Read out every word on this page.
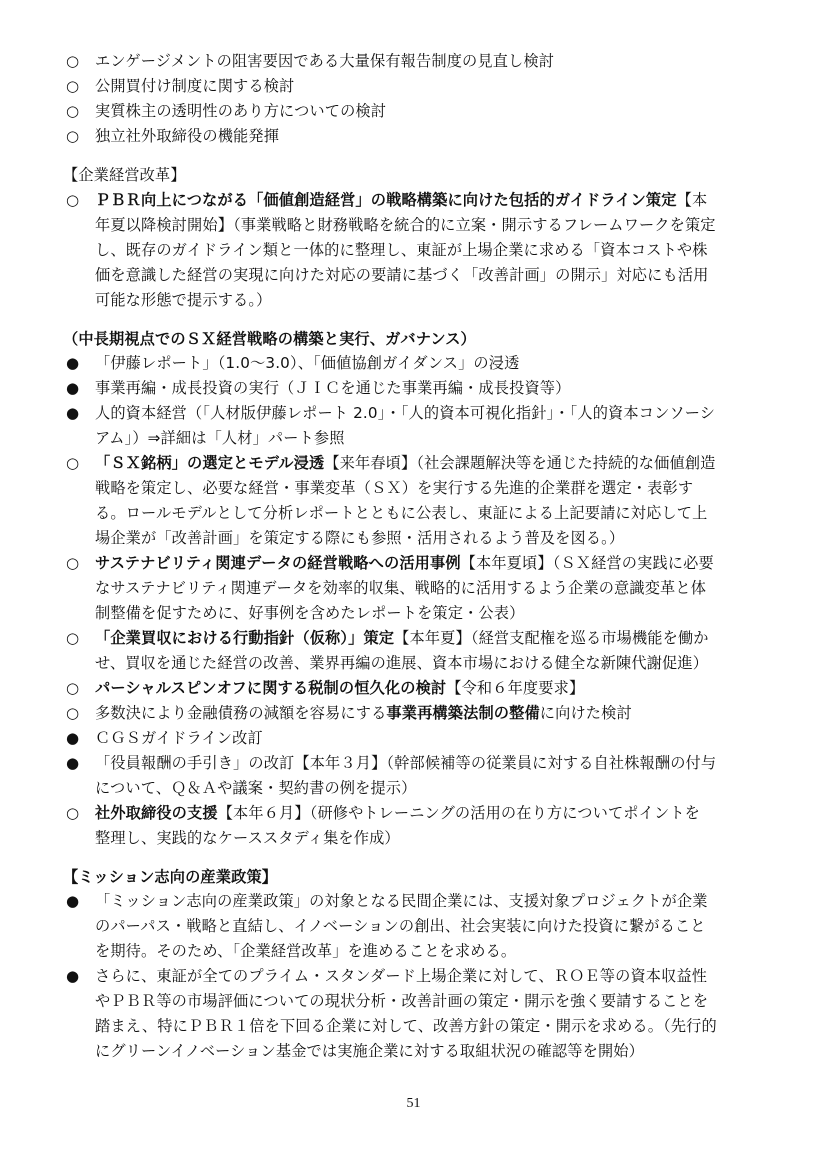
○ エンゲージメントの阻害要因である大量保有報告制度の見直し検討
○ 公開買付け制度に関する検討
○ 実質株主の透明性のあり方についての検討
○ 独立社外取締役の機能発揮
【企業経営改革】
○ ＰＢＲ向上につながる「価値創造経営」の戦略構築に向けた包括的ガイドライン策定【本
年夏以降検討開始】（事業戦略と財務戦略を統合的に立案・開示するフレームワークを策定
し、既存のガイドライン類と一体的に整理し、東証が上場企業に求める「資本コストや株
価を意識した経営の実現に向けた対応の要請に基づく「改善計画」の開示」対応にも活用
可能な形態で提示する。）
（中長期視点でのＳＸ経営戦略の構築と実行、ガバナンス）
● 「伊藤レポート」（1.0～3.0）、「価値協創ガイダンス」の浸透
● 事業再編・成長投資の実行（ＪＩＣを通じた事業再編・成長投資等）
● 人的資本経営（「人材版伊藤レポート 2.0」・「人的資本可視化指針」・「人的資本コンソーシ
アム」）⇒詳細は「人材」パート参照
○ 「ＳＸ銘柄」の選定とモデル浸透【来年春頃】（社会課題解決等を通じた持続的な価値創造
戦略を策定し、必要な経営・事業変革（ＳＸ）を実行する先進的企業群を選定・表彰す
る。ロールモデルとして分析レポートとともに公表し、東証による上記要請に対応して上
場企業が「改善計画」を策定する際にも参照・活用されるよう普及を図る。）
○ サステナビリティ関連データの経営戦略への活用事例【本年夏頃】（ＳＸ経営の実践に必要
なサステナビリティ関連データを効率的収集、戦略的に活用するよう企業の意識変革と体
制整備を促すために、好事例を含めたレポートを策定・公表）
○ 「企業買収における行動指針（仮称）」策定【本年夏】（経営支配権を巡る市場機能を働か
せ、買収を通じた経営の改善、業界再編の進展、資本市場における健全な新陳代謝促進）
○ パーシャルスピンオフに関する税制の恒久化の検討【令和６年度要求】
○ 多数決により金融債務の減額を容易にする事業再構築法制の整備に向けた検討
● ＣＧＳガイドライン改訂
● 「役員報酬の手引き」の改訂【本年３月】（幹部候補等の従業員に対する自社株報酬の付与
について、Ｑ＆Ａや議案・契約書の例を提示）
○ 社外取締役の支援【本年６月】（研修やトレーニングの活用の在り方についてポイントを
整理し、実践的なケーススタディ集を作成）
【ミッション志向の産業政策】
● 「ミッション志向の産業政策」の対象となる民間企業には、支援対象プロジェクトが企業
のパーパス・戦略と直結し、イノベーションの創出、社会実装に向けた投資に繋がること
を期待。そのため、「企業経営改革」を進めることを求める。
● さらに、東証が全てのプライム・スタンダード上場企業に対して、ＲＯＥ等の資本収益性
やＰＢＲ等の市場評価についての現状分析・改善計画の策定・開示を強く要請することを
踏まえ、特にＰＢＲ１倍を下回る企業に対して、改善方針の策定・開示を求める。（先行的
にグリーンイノベーション基金では実施企業に対する取組状況の確認等を開始）
51
